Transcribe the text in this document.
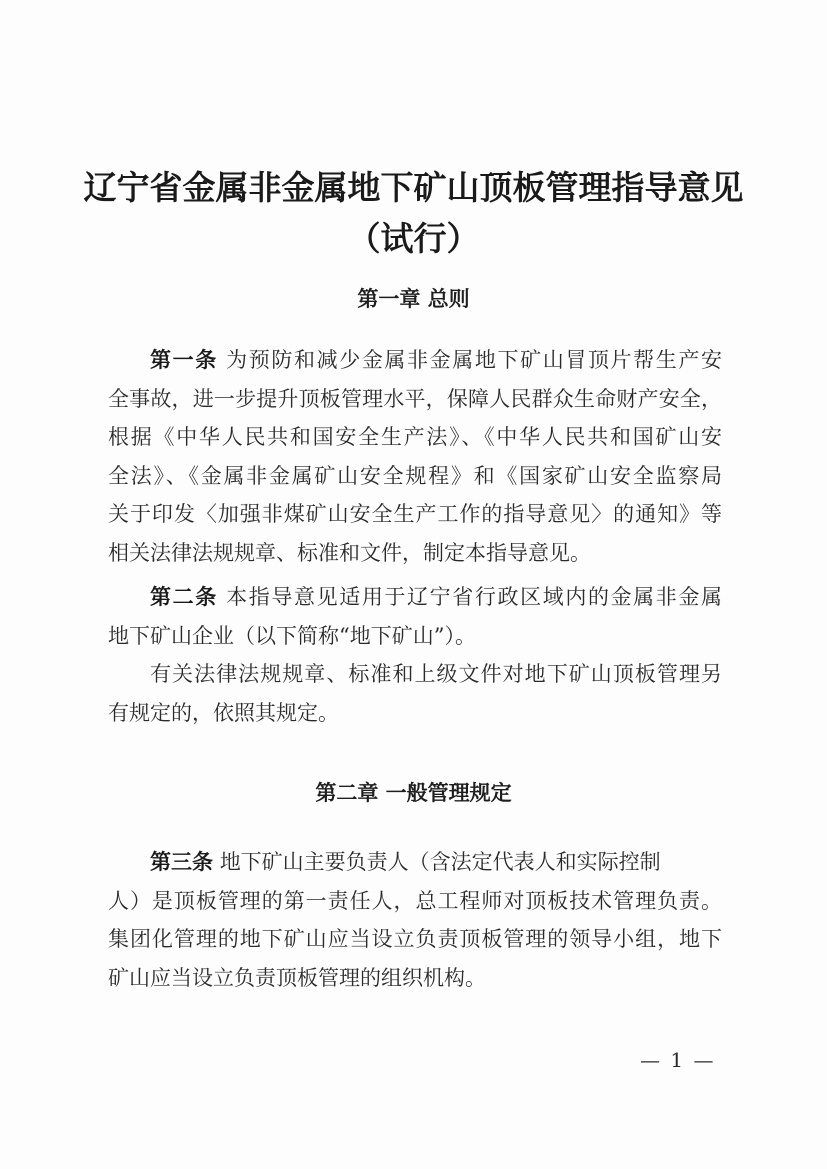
辽宁省金属非金属地下矿山顶板管理指导意见
（试行）
第一章 总则
第一条 为预防和减少金属非金属地下矿山冒顶片帮生产安
全事故，进一步提升顶板管理水平，保障人民群众生命财产安全，
根据《中华人民共和国安全生产法》、《中华人民共和国矿山安
全法》、《金属非金属矿山安全规程》和《国家矿山安全监察局
关于印发〈加强非煤矿山安全生产工作的指导意见〉的通知》等
相关法律法规规章、标准和文件，制定本指导意见。
第二条 本指导意见适用于辽宁省行政区域内的金属非金属
地下矿山企业（以下简称“地下矿山”）。
有关法律法规规章、标准和上级文件对地下矿山顶板管理另
有规定的，依照其规定。
第二章 一般管理规定
第三条 地下矿山主要负责人（含法定代表人和实际控制
人）是顶板管理的第一责任人，总工程师对顶板技术管理负责。
集团化管理的地下矿山应当设立负责顶板管理的领导小组，地下
矿山应当设立负责顶板管理的组织机构。
— 1 —
